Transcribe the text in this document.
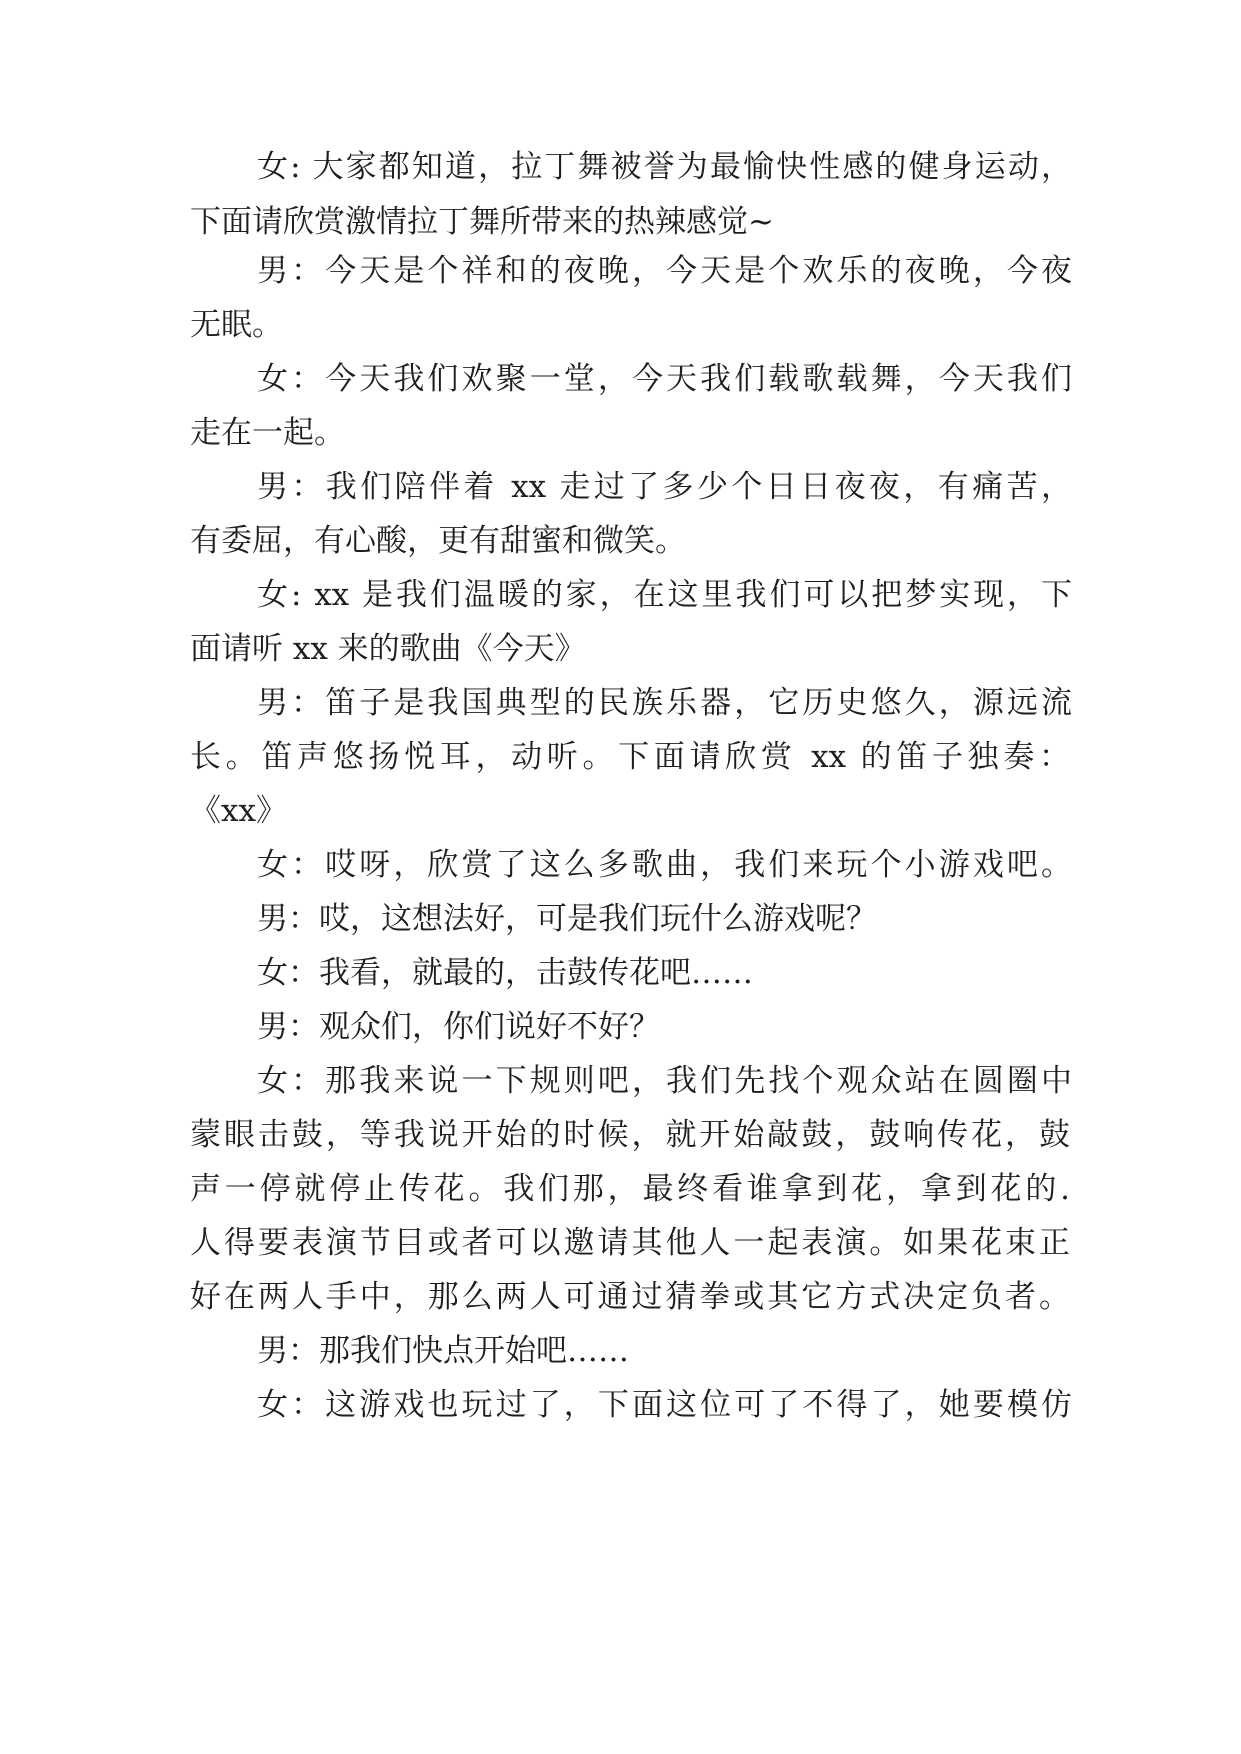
女: 大家都知道，拉丁舞被誉为最愉快性感的健身运动，
下面请欣赏激情拉丁舞所带来的热辣感觉~
男：今天是个祥和的夜晚，今天是个欢乐的夜晚，今夜
无眠。
女：今天我们欢聚一堂，今天我们载歌载舞，今天我们
走在一起。
男：我们陪伴着 xx 走过了多少个日日夜夜，有痛苦，
有委屈，有心酸，更有甜蜜和微笑。
女: xx 是我们温暖的家，在这里我们可以把梦实现，下
面请听 xx 来的歌曲《今天》
男：笛子是我国典型的民族乐器，它历史悠久，源远流
长。笛声悠扬悦耳，动听。下面请欣赏 xx 的笛子独奏：
《xx》
女：哎呀，欣赏了这么多歌曲，我们来玩个小游戏吧。
男：哎，这想法好，可是我们玩什么游戏呢？
女：我看，就最的，击鼓传花吧……
男：观众们，你们说好不好？
女：那我来说一下规则吧，我们先找个观众站在圆圈中
蒙眼击鼓，等我说开始的时候，就开始敲鼓，鼓响传花，鼓
声一停就停止传花。我们那，最终看谁拿到花，拿到花的.
人得要表演节目或者可以邀请其他人一起表演。如果花束正
好在两人手中，那么两人可通过猜拳或其它方式决定负者。
男：那我们快点开始吧……
女：这游戏也玩过了，下面这位可了不得了，她要模仿
